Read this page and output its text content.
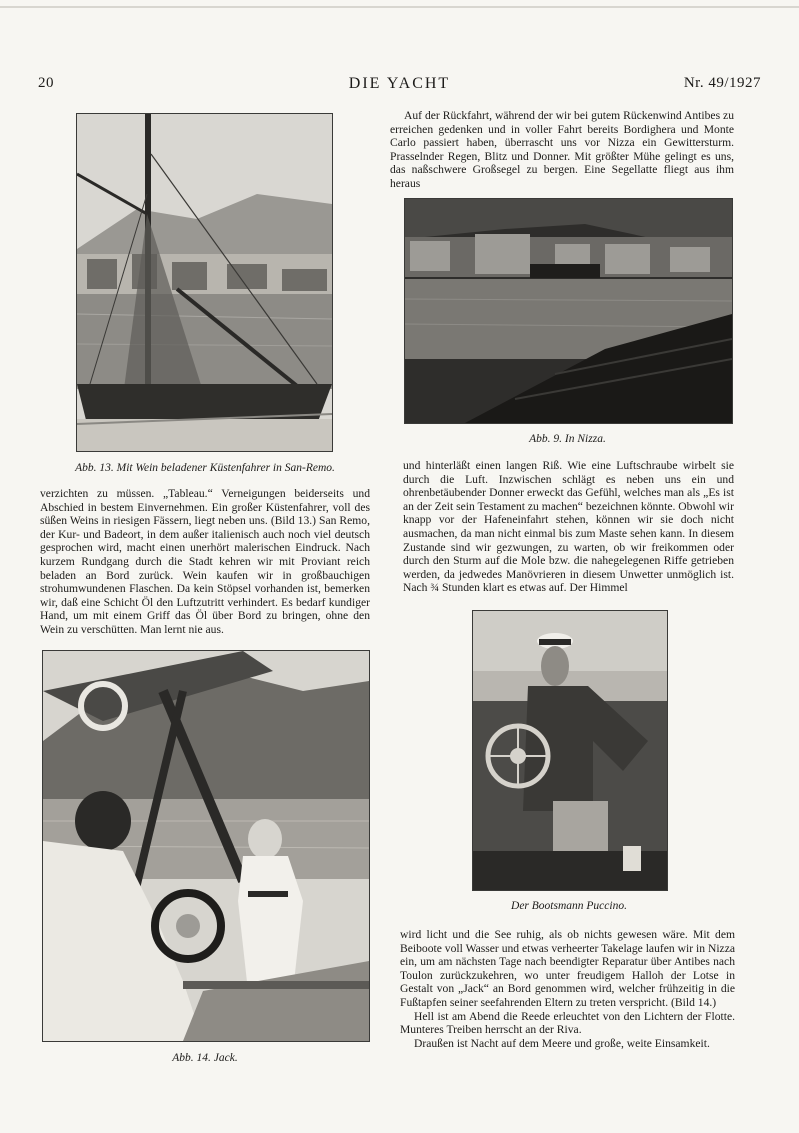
20	DIE YACHT	Nr. 49/1927
Abb. 13. Mit Wein beladener Küstenfahrer in San-Remo.
Abb. 9. In Nizza.

Auf der Rückfahrt, während der wir bei gutem Rückenwind Antibes zu erreichen gedenken und in voller Fahrt bereits Bordighera und Monte Carlo passiert haben, überrascht uns vor Nizza ein Gewittersturm. Prasselnder Regen, Blitz und Donner. Mit größter Mühe gelingt es uns, das naßschwere Großsegel zu bergen. Eine Segellatte fliegt aus ihm heraus

verzichten zu müssen. „Tableau.“ Verneigungen beiderseits und Abschied in bestem Einvernehmen. Ein großer Küstenfahrer, voll des süßen Weins in riesigen Fässern, liegt neben uns. (Bild 13.) San Remo, der Kur- und Badeort, in dem außer italienisch auch noch viel deutsch gesprochen wird, macht einen unerhört malerischen Eindruck. Nach kurzem Rundgang durch die Stadt kehren wir mit Proviant reich beladen an Bord zurück. Wein kaufen wir in großbauchigen strohumwundenen Flaschen. Da kein Stöpsel vorhanden ist, bemerken wir, daß eine Schicht Öl den Luftzutritt verhindert. Es bedarf kundiger Hand, um mit einem Griff das Öl über Bord zu bringen, ohne den Wein zu verschütten. Man lernt nie aus.

und hinterläßt einen langen Riß. Wie eine Luftschraube wirbelt sie durch die Luft. Inzwischen schlägt es neben uns ein und ohrenbetäubender Donner erweckt das Gefühl, welches man als „Es ist an der Zeit sein Testament zu machen“ bezeichnen könnte. Obwohl wir knapp vor der Hafeneinfahrt stehen, können wir sie doch nicht ausmachen, da man nicht einmal bis zum Maste sehen kann. In diesem Zustande sind wir gezwungen, zu warten, ob wir freikommen oder durch den Sturm auf die Mole bzw. die nahegelegenen Riffe getrieben werden, da jedwedes Manövrieren in diesem Unwetter unmöglich ist. Nach ¾ Stunden klart es etwas auf. Der Himmel

Der Bootsmann Puccino.
Abb. 14. Jack.

wird licht und die See ruhig, als ob nichts gewesen wäre. Mit dem Beiboote voll Wasser und etwas verheerter Takelage laufen wir in Nizza ein, um am nächsten Tage nach beendigter Reparatur über Antibes nach Toulon zurückzukehren, wo unter freudigem Halloh der Lotse in Gestalt von „Jack“ an Bord genommen wird, welcher frühzeitig in die Fußtapfen seiner seefahrenden Eltern zu treten verspricht. (Bild 14.)

Hell ist am Abend die Reede erleuchtet von den Lichtern der Flotte. Munteres Treiben herrscht an der Riva.

Draußen ist Nacht auf dem Meere und große, weite Einsamkeit.
